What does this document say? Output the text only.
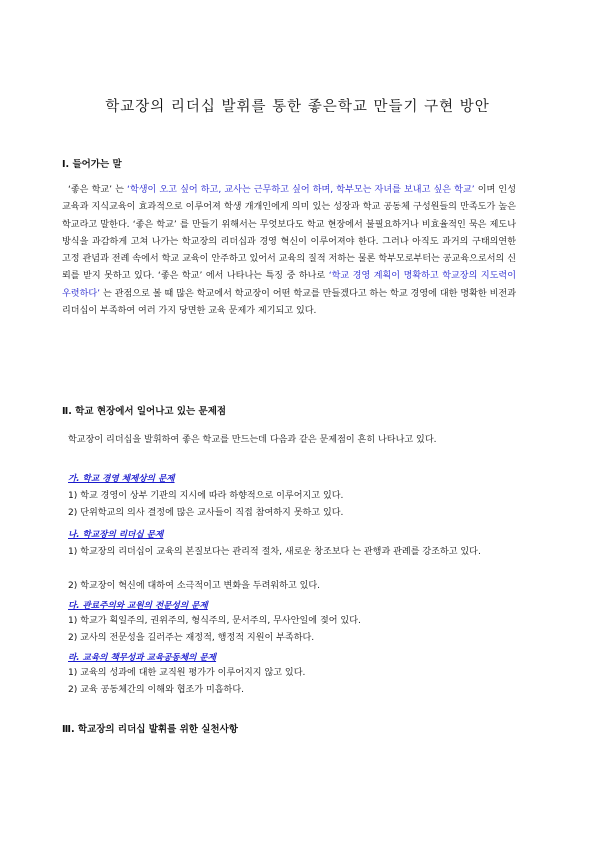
학교장의 리더십 발휘를 통한 좋은학교 만들기 구현 방안
Ⅰ. 들어가는 말
‘좋은 학교’ 는 ‘학생이 오고 싶어 하고, 교사는 근무하고 싶어 하며, 학부모는 자녀를 보내고 싶은 학교’ 이며 인성교육과 지식교육이 효과적으로 이루어져 학생 개개인에게 의미 있는 성장과 학교 공동체 구성원들의 만족도가 높은 학교라고 말한다. ‘좋은 학교’ 를 만들기 위해서는 무엇보다도 학교 현장에서 불필요하거나 비효율적인 묵은 제도나 방식을 과감하게 고쳐 나가는 학교장의 리더십과 경영 혁신이 이루어져야 한다. 그러나 아직도 과거의 구태의연한 고정 관념과 전례 속에서 학교 교육이 안주하고 있어서 교육의 질적 저하는 물론 학부모로부터는 공교육으로서의 신뢰를 받지 못하고 있다. ‘좋은 학교’ 에서 나타나는 특징 중 하나로 ‘학교 경영 계획이 명확하고 학교장의 지도력이 우렷하다’ 는 관점으로 볼 때 많은 학교에서 학교장이 어떤 학교를 만들겠다고 하는 학교 경영에 대한 명확한 비전과 리더십이 부족하여 여러 가지 당면한 교육 문제가 제기되고 있다.
Ⅱ. 학교 현장에서 일어나고 있는 문제점
학교장이 리더십을 발휘하여 좋은 학교를 만드는데 다음과 같은 문제점이 흔히 나타나고 있다.
가. 학교 경영 체제상의 문제
1) 학교 경영이 상부 기관의 지시에 따라 하향적으로 이루어지고 있다.
2) 단위학교의 의사 결정에 많은 교사들이 직접 참여하지 못하고 있다.
나. 학교장의 리더십 문제
1) 학교장의 리더십이 교육의 본질보다는 관리적 절차, 새로운 창조보다 는 관행과 관례를 강조하고 있다.
2) 학교장이 혁신에 대하여 소극적이고 변화을 두려워하고 있다.
다. 관료주의와 교원의 전문성의 문제
1) 학교가 획일주의, 권위주의, 형식주의, 문서주의, 무사안일에 젖어 있다.
2) 교사의 전문성을 길러주는 재정적, 행정적 지원이 부족하다.
라. 교육의 책무성과 교육공동체의 문제
1) 교육의 성과에 대한 교직원 평가가 이루어지지 않고 있다.
2) 교육 공동체간의 이해와 협조가 미흡하다.
Ⅲ. 학교장의 리더십 발휘를 위한 실천사항
